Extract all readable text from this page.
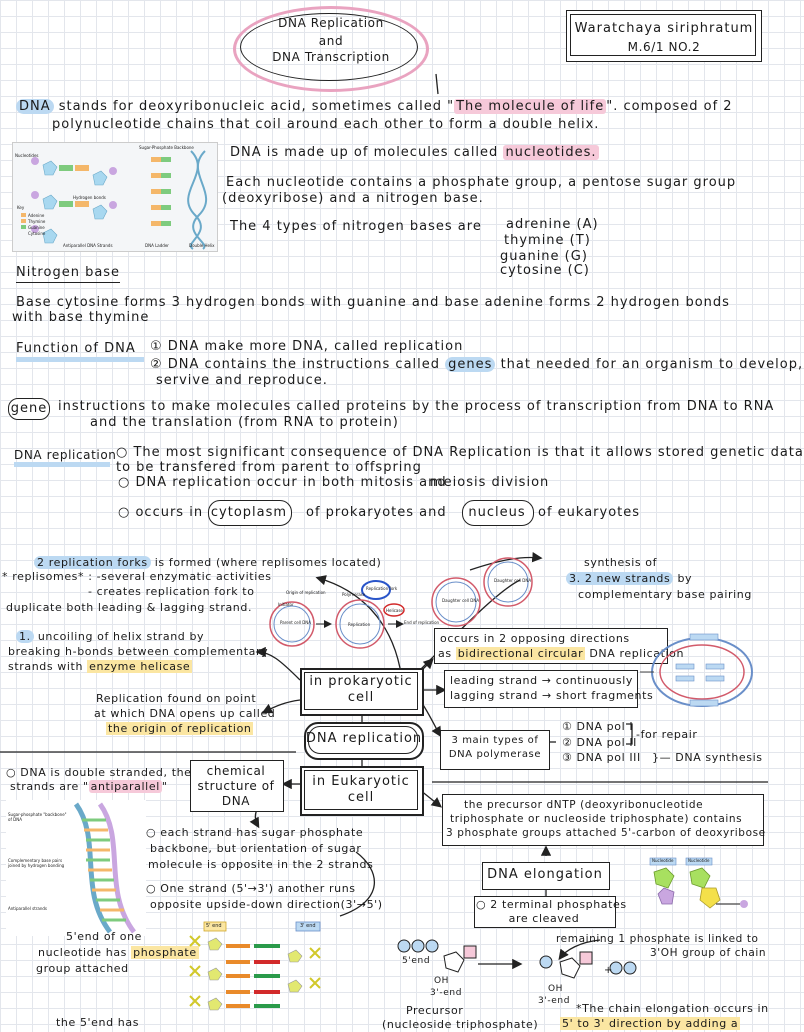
DNA Replication
and
DNA Transcription
Waratchaya siriphratum
M.6/1 NO.2
DNA stands for deoxyribonucleic acid, sometimes called " The molecule of life ". composed of 2
polynucleotide chains that coil around each other to form a double helix.
Nucleotides
Sugar-Phosphate Backbone
Key
Adenine
Thymine
Guanine
Cytosine
Antiparallel DNA Strands	DNA Ladder	Double Helix
Hydrogen bonds
DNA is made up of molecules called nucleotides.
Each nucleotide contains a phosphate group, a pentose sugar group
(deoxyribose) and a nitrogen base.
The 4 types of nitrogen bases are adrenine (A)
thymine (T)
guanine (G)
cytosine (C)
Nitrogen base
Base cytosine forms 3 hydrogen bonds with guanine and base adenine forms 2 hydrogen bonds
with base thymine
Function of DNA	① DNA make more DNA, called replication
② DNA contains the instructions called genes that needed for an organism to develop,
servive and reproduce.
gene instructions to make molecules called proteins by the process of transcription from DNA to RNA
and the translation (from RNA to protein)
DNA replication ○ The most significant consequence of DNA Replication is that it allows stored genetic data
to be transfered from parent to offspring
○ DNA replication occur in both mitosis and
meiosis division
○ occurs in cytoplasm of prokaryotes and	nucleus of eukaryotes
2 replication forks is formed (where replisomes located)
* replisomes* : -several enzymatic activities
- creates replication fork to
duplicate both leading & lagging strand.
1. uncoiling of helix strand by
breaking h-bonds between complementary
strands with enzyme helicase
Replication found on point
at which DNA opens up called
the origin of replication
Origin of replication	Polymerase
Replication fork
Helicase
Initiator
Parent cell DNA	Replication	End of replication
Daughter cell DNA
Daughter cell DNA
synthesis of
3. 2 new strands by
complementary base pairing
occurs in 2 opposing directions
as bidirectional circular DNA replication
in prokaryotic cell
leading strand → continuously
lagging strand → short fragments
DNA replication	3 main types of DNA polymerase
① DNA pol I
② DNA pol II
③ DNA pol III
-for repair
}— DNA synthesis
in Eukaryotic cell
chemical structure of DNA
○ DNA is double stranded, the
strands are " antiparallel "
Sugar-phosphate "backbone" of DNA
Complementary base pairs joined by hydrogen bonding
Antiparallel strands
○ each strand has sugar phosphate
backbone, but orientation of sugar
molecule is opposite in the 2 strands
○ One strand (5'→3') another runs
opposite upside-down direction(3'→5')
5'end of one
nucleotide has phosphate
group attached
the 5'end has
5' end	3' end
the precursor dNTP (deoxyribonucleotide
triphosphate or nucleoside triphosphate) contains
3 phosphate groups attached 5'-carbon of deoxyribose
DNA elongation
○ 2 terminal phosphates
are cleaved
remaining 1 phosphate is linked to
3'OH group of chain
Nucleotide	Nucleotide
5'end
OH
3'-end	OH
3'-end
+
Precursor
(nucleoside triphosphate)
*The chain elongation occurs in
5' to 3' direction by adding a
